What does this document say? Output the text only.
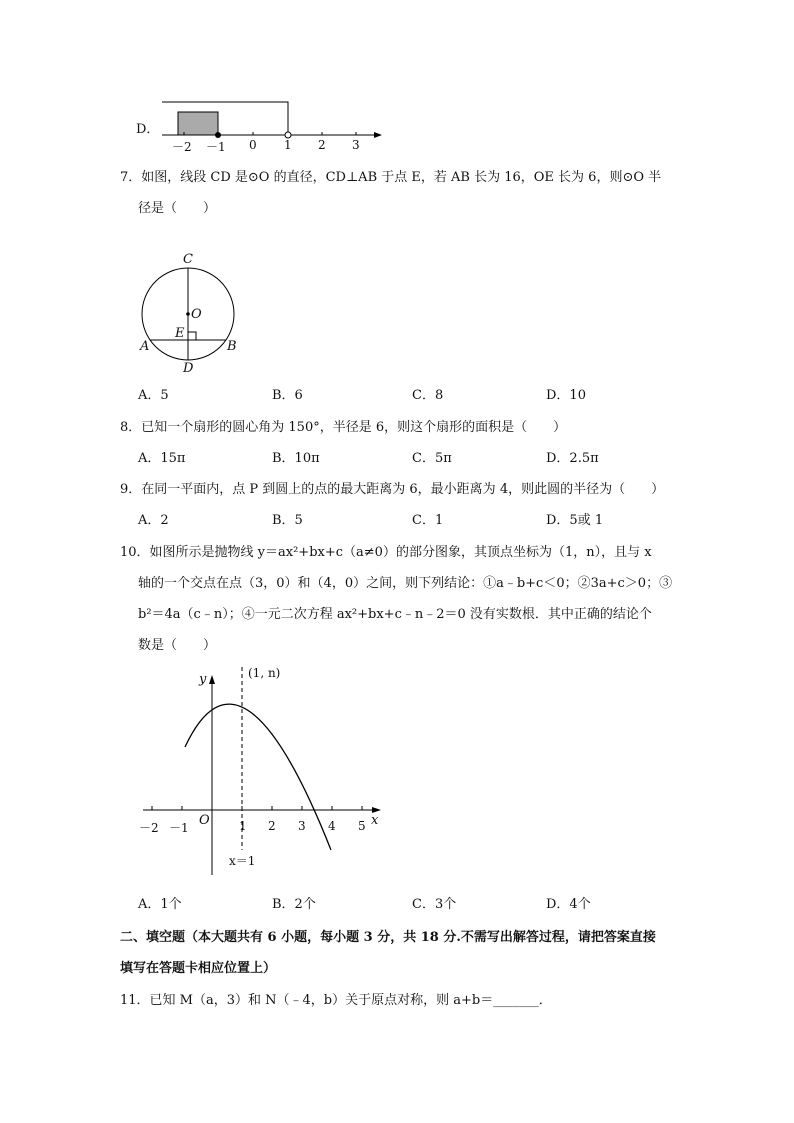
D．
－2 －1 0 1 2 3
7．如图，线段 CD 是⊙O 的直径，CD⊥AB 于点 E，若 AB 长为 16，OE 长为 6，则⊙O 半
径是（　　）
C
O
E
A	B
D
A．5	B．6	C．8	D．10
8．已知一个扇形的圆心角为 150°，半径是 6，则这个扇形的面积是（　　）
A．15π	B．10π	C．5π	D．2.5π
9．在同一平面内，点 P 到圆上的点的最大距离为 6，最小距离为 4，则此圆的半径为（　　）
A．2	B．5	C．1	D．5或 1
10．如图所示是抛物线 y＝ax²+bx+c（a≠0）的部分图象，其顶点坐标为（1，n），且与 x
轴的一个交点在点（3，0）和（4，0）之间，则下列结论：①a﹣b+c＜0；②3a+c＞0；③
b²＝4a（c﹣n）；④一元二次方程 ax²+bx+c﹣n﹣2＝0 没有实数根．其中正确的结论个
数是（　　）
(1, n)
y
x
O
－2 －1	1 2 3 4 5
x＝1
A．1个	B．2个	C．3个	D．4个
二、填空题（本大题共有 6 小题，每小题 3 分，共 18 分.不需写出解答过程，请把答案直接
填写在答题卡相应位置上）
11．已知 M（a，3）和 N（﹣4，b）关于原点对称，则 a+b＝_______．
